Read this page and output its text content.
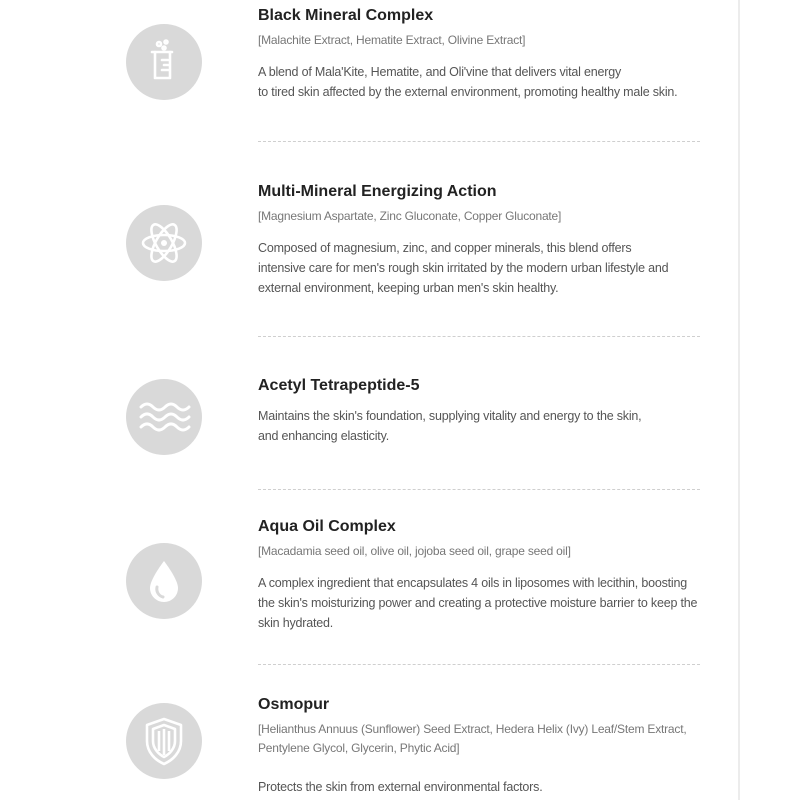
Black Mineral Complex
[Malachite Extract, Hematite Extract, Olivine Extract]
A blend of Mala'Kite, Hematite, and Oli'vine that delivers vital energy
to tired skin affected by the external environment, promoting healthy male skin.
Multi-Mineral Energizing Action
[Magnesium Aspartate, Zinc Gluconate, Copper Gluconate]
Composed of magnesium, zinc, and copper minerals, this blend offers
intensive care for men's rough skin irritated by the modern urban lifestyle and
external environment, keeping urban men's skin healthy.
Acetyl Tetrapeptide-5
Maintains the skin's foundation, supplying vitality and energy to the skin,
and enhancing elasticity.
Aqua Oil Complex
[Macadamia seed oil, olive oil, jojoba seed oil, grape seed oil]
A complex ingredient that encapsulates 4 oils in liposomes with lecithin, boosting
the skin's moisturizing power and creating a protective moisture barrier to keep the
skin hydrated.
Osmopur
[Helianthus Annuus (Sunflower) Seed Extract, Hedera Helix (Ivy) Leaf/Stem Extract,
Pentylene Glycol, Glycerin, Phytic Acid]
Protects the skin from external environmental factors.
